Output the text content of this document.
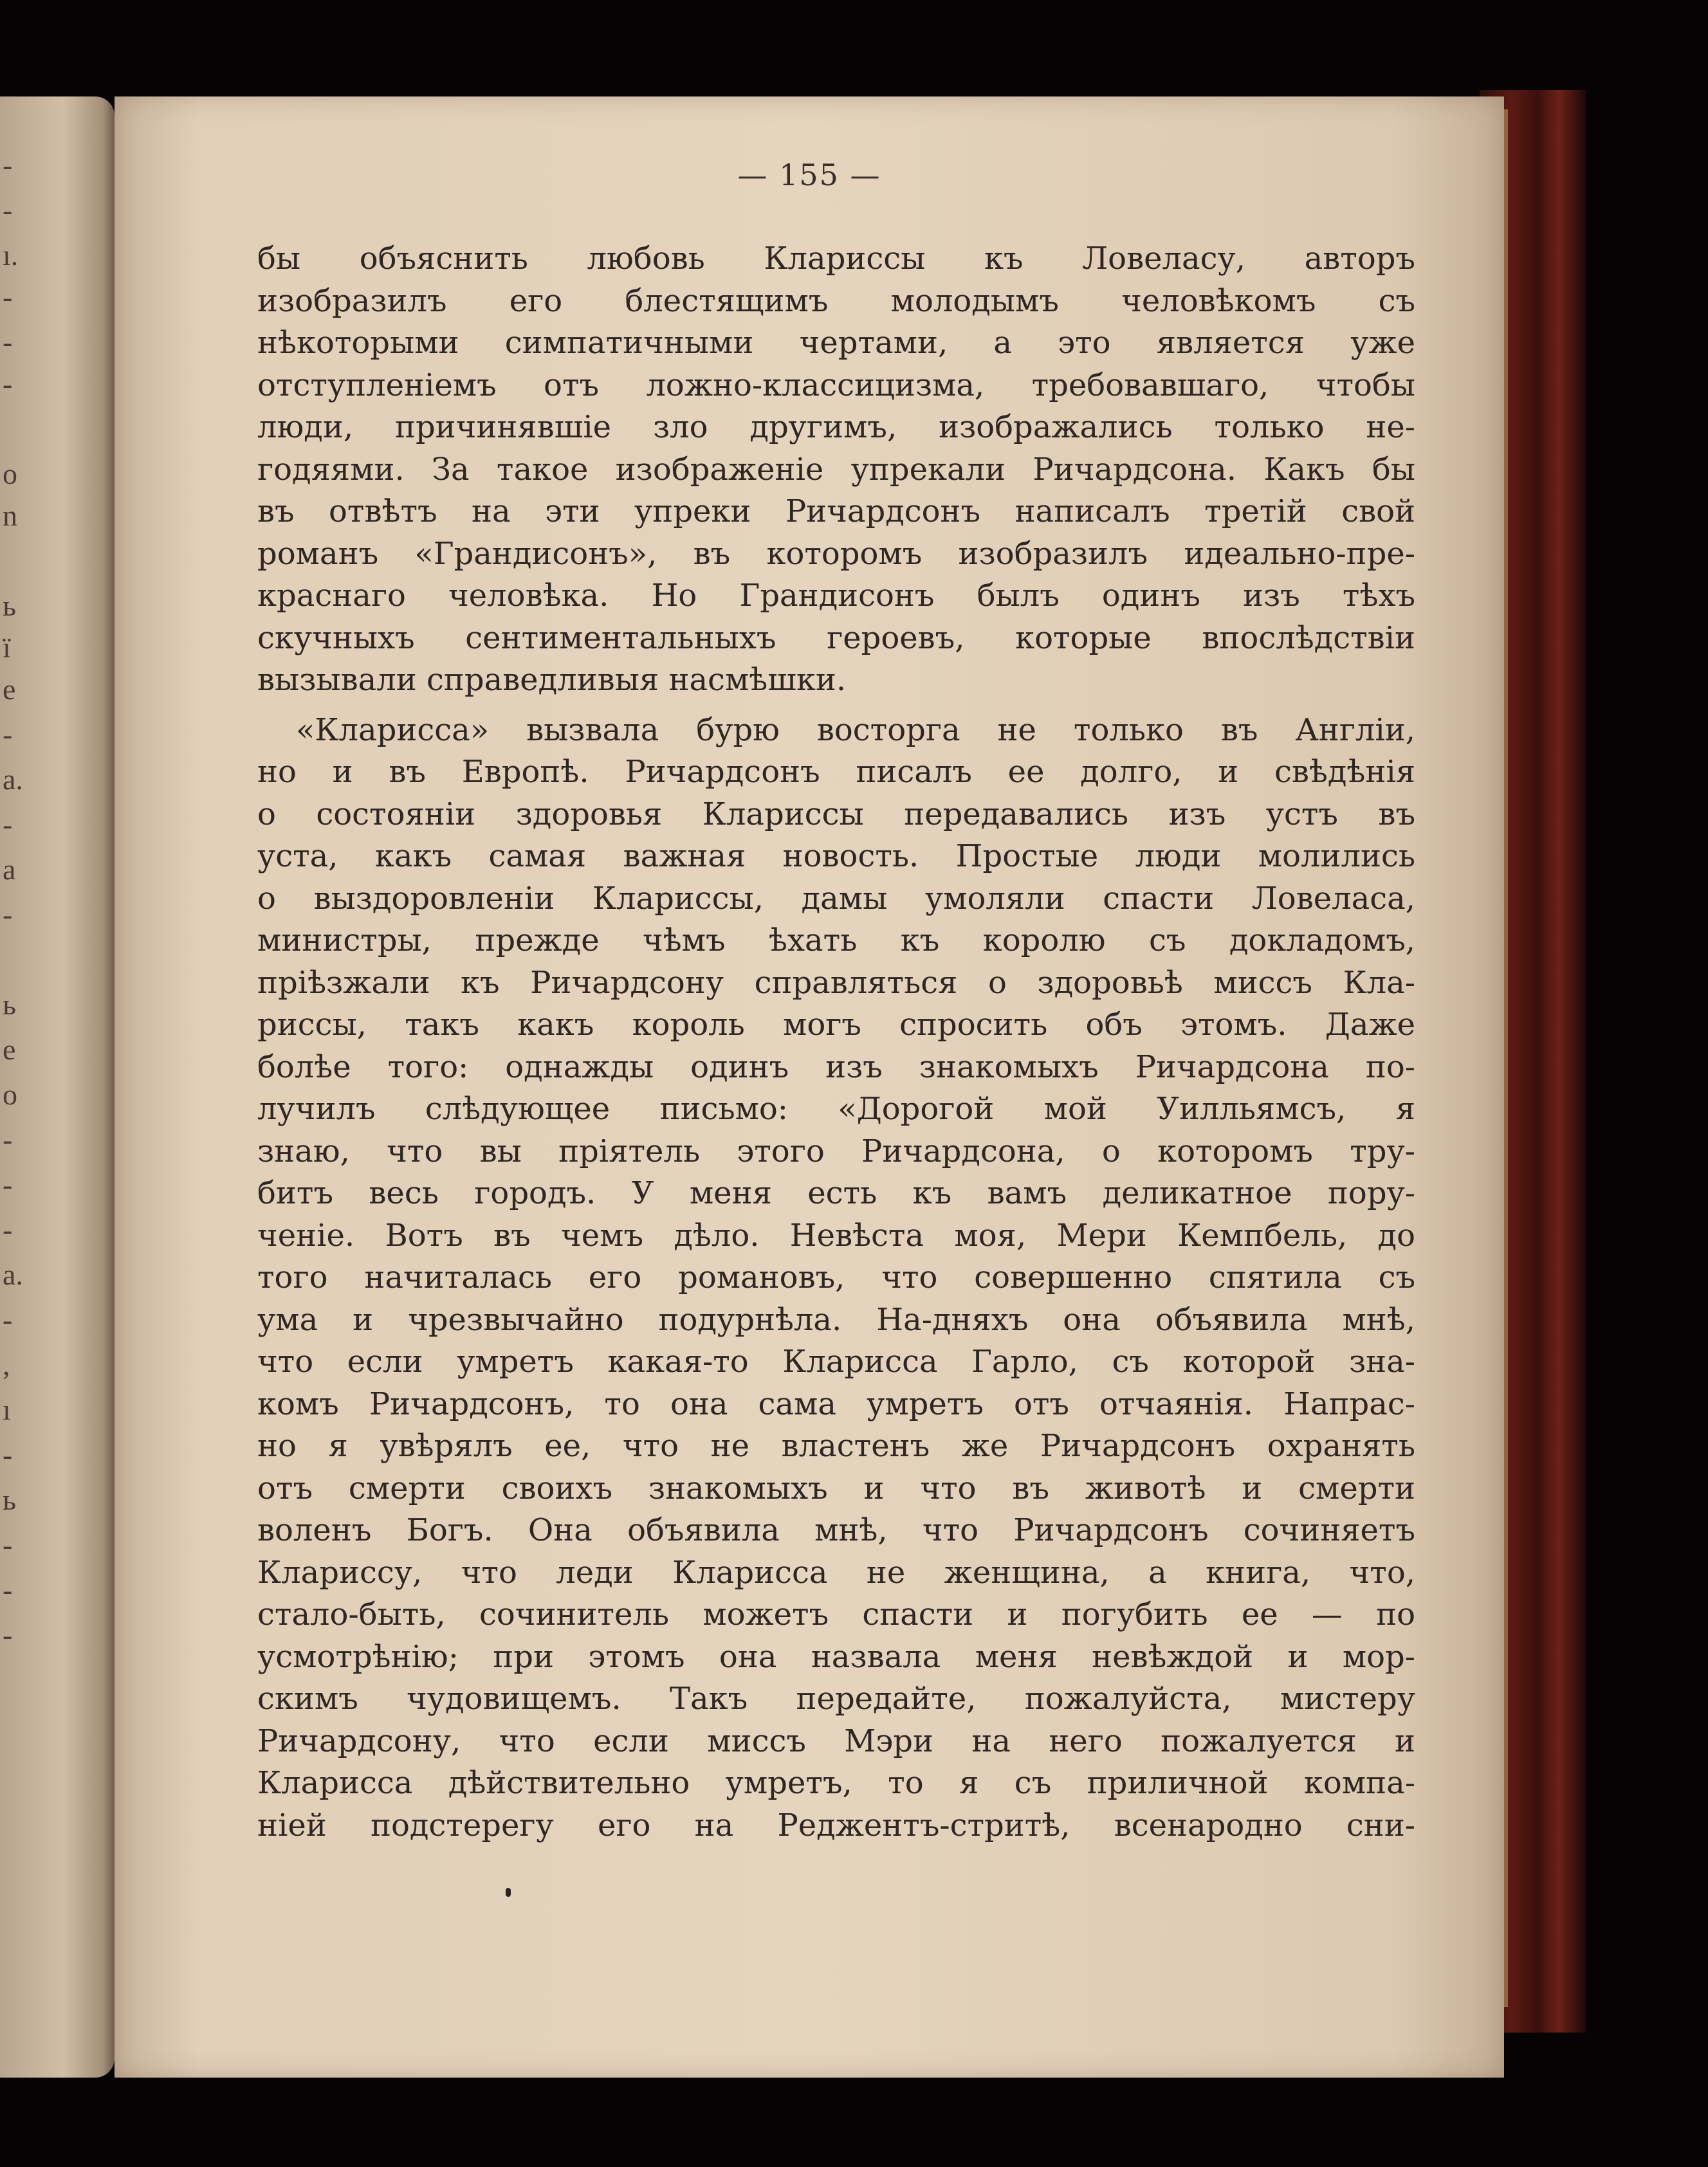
-
-
ı.
-
-
-
o
n
ь
ї
e
-
a.
-
a
-
ь
e
o
-
-
-
a.
-
,
ı
-
ь
-
-
-
— 155 —
бы объяснить любовь Клариссы къ Ловеласу, авторъ
изобразилъ его блестящимъ молодымъ человѣкомъ съ
нѣкоторыми симпатичными чертами, а это является уже
отступленіемъ отъ ложно-классицизма, требовавшаго, чтобы
люди, причинявшіе зло другимъ, изображались только не-
годяями. За такое изображеніе упрекали Ричардсона. Какъ бы
въ отвѣтъ на эти упреки Ричардсонъ написалъ третій свой
романъ «Грандисонъ», въ которомъ изобразилъ идеально-пре-
краснаго человѣка. Но Грандисонъ былъ одинъ изъ тѣхъ
скучныхъ сентиментальныхъ героевъ, которые впослѣдствіи
вызывали справедливыя насмѣшки.
«Кларисса» вызвала бурю восторга не только въ Англіи,
но и въ Европѣ. Ричардсонъ писалъ ее долго, и свѣдѣнія
о состояніи здоровья Клариссы передавались изъ устъ въ
уста, какъ самая важная новость. Простые люди молились
о выздоровленіи Клариссы, дамы умоляли спасти Ловеласа,
министры, прежде чѣмъ ѣхать къ королю съ докладомъ,
пріѣзжали къ Ричардсону справляться о здоровьѣ миссъ Кла-
риссы, такъ какъ король могъ спросить объ этомъ. Даже
болѣе того: однажды одинъ изъ знакомыхъ Ричардсона по-
лучилъ слѣдующее письмо: «Дорогой мой Уилльямсъ, я
знаю, что вы пріятель этого Ричардсона, о которомъ тру-
битъ весь городъ. У меня есть къ вамъ деликатное пору-
ченіе. Вотъ въ чемъ дѣло. Невѣста моя, Мери Кемпбель, до
того начиталась его романовъ, что совершенно спятила съ
ума и чрезвычайно подурнѣла. На-дняхъ она объявила мнѣ,
что если умретъ какая-то Кларисса Гарло, съ которой зна-
комъ Ричардсонъ, то она сама умретъ отъ отчаянія. Напрас-
но я увѣрялъ ее, что не властенъ же Ричардсонъ охранять
отъ смерти своихъ знакомыхъ и что въ животѣ и смерти
воленъ Богъ. Она объявила мнѣ, что Ричардсонъ сочиняетъ
Клариссу, что леди Кларисса не женщина, а книга, что,
стало-быть, сочинитель можетъ спасти и погубить ее — по
усмотрѣнію; при этомъ она назвала меня невѣждой и мор-
скимъ чудовищемъ. Такъ передайте, пожалуйста, мистеру
Ричардсону, что если миссъ Мэри на него пожалуется и
Кларисса дѣйствительно умретъ, то я съ приличной компа-
ніей подстерегу его на Реджентъ-стритѣ, всенародно сни-
